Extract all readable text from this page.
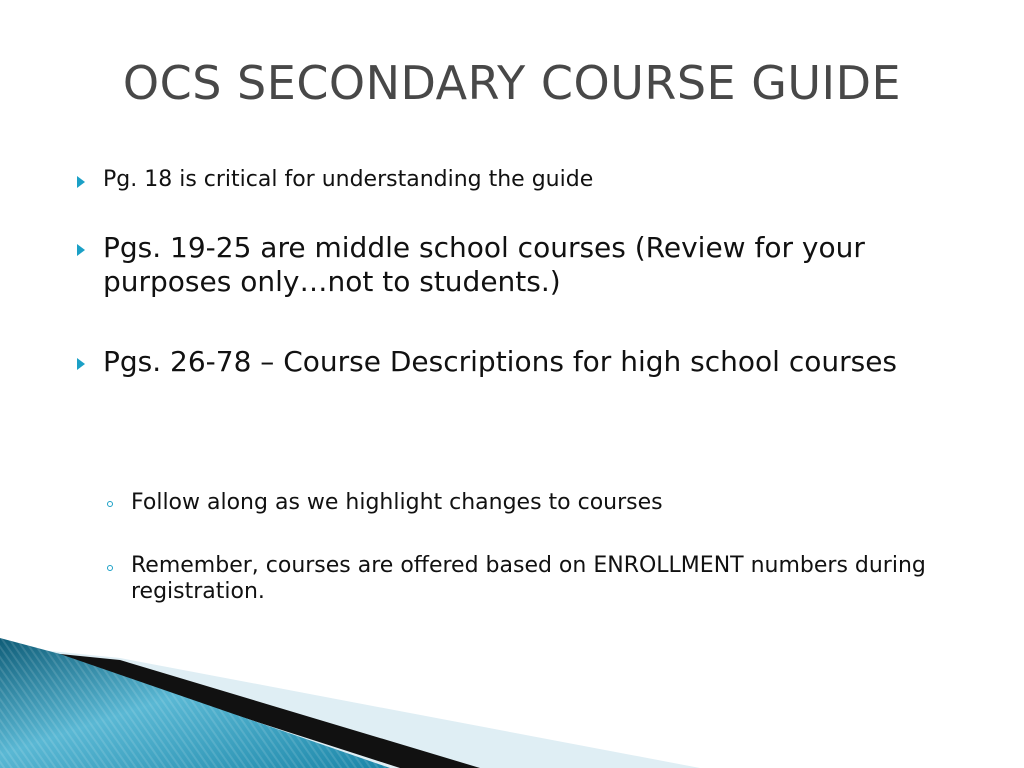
OCS SECONDARY COURSE GUIDE
Pg. 18 is critical for understanding the guide
Pgs. 19-25 are middle school courses (Review for your purposes only…not to students.)
Pgs. 26-78 – Course Descriptions for high school courses
Follow along as we highlight changes to courses
Remember, courses are offered based on ENROLLMENT numbers during registration.
